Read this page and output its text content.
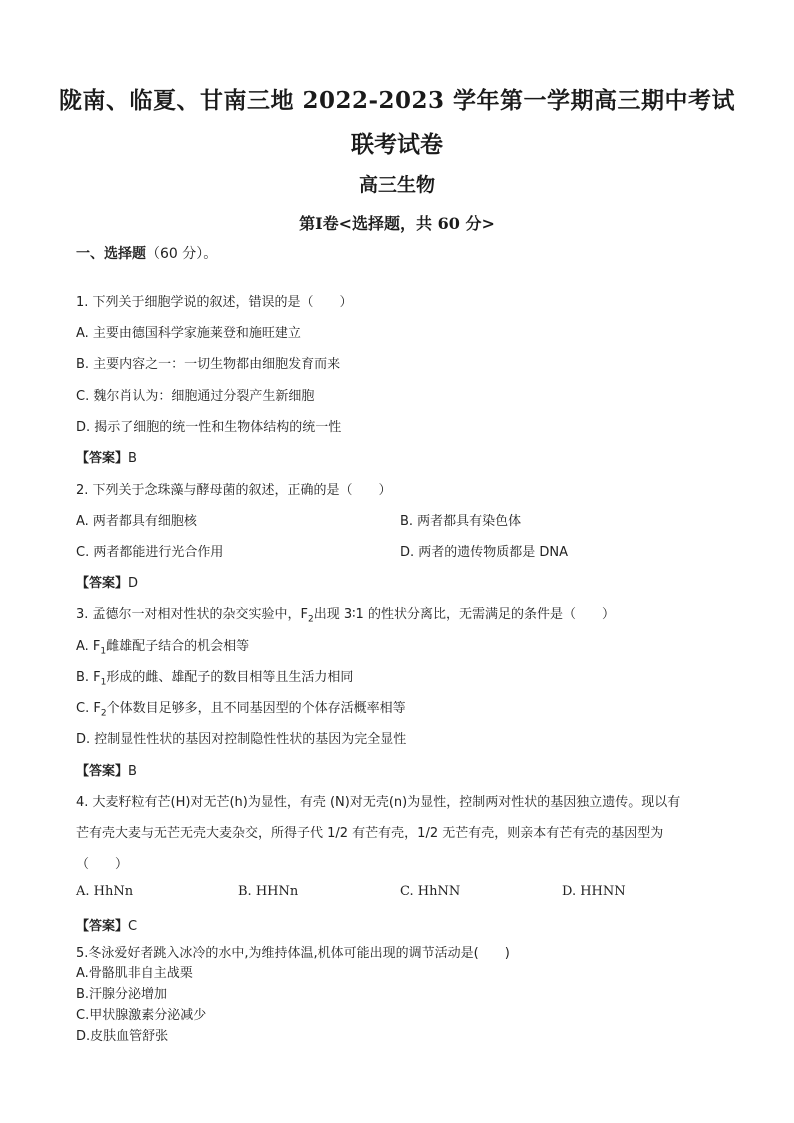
陇南、临夏、甘南三地 2022-2023 学年第一学期高三期中考试
联考试卷
高三生物
第Ⅰ卷<选择题，共 60 分>
一、选择题（60 分）。
1. 下列关于细胞学说的叙述，错误的是（　　）
A. 主要由德国科学家施莱登和施旺建立
B. 主要内容之一：一切生物都由细胞发育而来
C. 魏尔肖认为：细胞通过分裂产生新细胞
D. 揭示了细胞的统一性和生物体结构的统一性
【答案】B
2. 下列关于念珠藻与酵母菌的叙述，正确的是（　　）
A. 两者都具有细胞核	B. 两者都具有染色体
C. 两者都能进行光合作用	D. 两者的遗传物质都是 DNA
【答案】D
3. 孟德尔一对相对性状的杂交实验中，$F_2$出现 3∶1 的性状分离比，无需满足的条件是（　　）
A. $F_1$雌雄配子结合的机会相等
B. $F_1$形成的雌、雄配子的数目相等且生活力相同
C. $F_2$个体数目足够多，且不同基因型的个体存活概率相等
D. 控制显性性状的基因对控制隐性性状的基因为完全显性
【答案】B
4. 大麦籽粒有芒(H)对无芒(h)为显性，有壳 (N)对无壳(n)为显性，控制两对性状的基因独立遗传。现以有
芒有壳大麦与无芒无壳大麦杂交，所得子代 1/2 有芒有壳，1/2 无芒有壳，则亲本有芒有壳的基因型为
（　　）
A. HhNn	B. HHNn	C. HhNN	D. HHNN
【答案】C
5.冬泳爱好者跳入冰冷的水中,为维持体温,机体可能出现的调节活动是(　　)
A.骨骼肌非自主战栗
B.汗腺分泌增加
C.甲状腺激素分泌减少
D.皮肤血管舒张
